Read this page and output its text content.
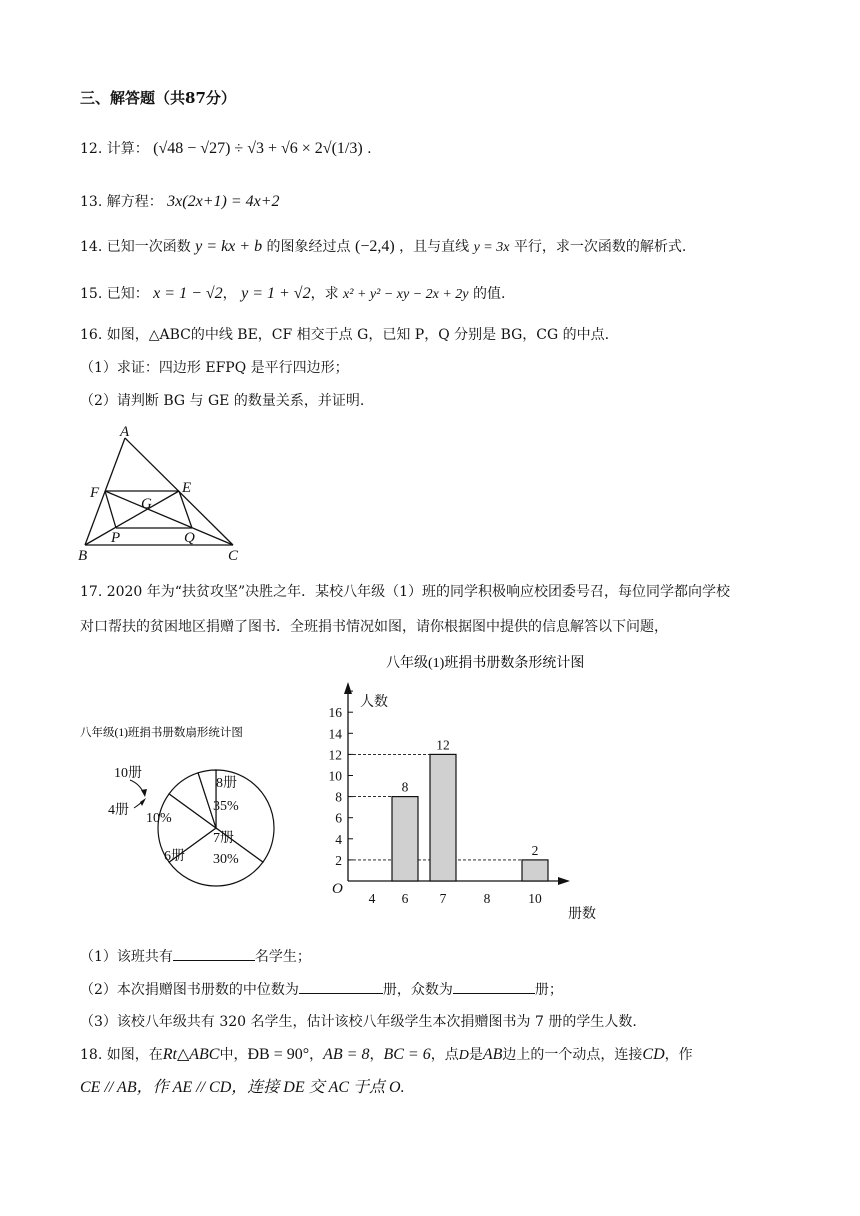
三、解答题（共87分）
12. 计算： (√48 − √27) ÷ √3 + √6 × 2√(1/3) .
13. 解方程： 3x(2x+1) = 4x+2
14. 已知一次函数 y = kx + b 的图象经过点 (−2,4) ，且与直线 y = 3x 平行，求一次函数的解析式.
15. 已知： x = 1 − √2， y = 1 + √2，求 x² + y² − xy − 2x + 2y 的值.
16. 如图，△ABC的中线 BE，CF 相交于点 G，已知 P，Q 分别是 BG，CG 的中点.
（1）求证：四边形 EFPQ 是平行四边形；
（2）请判断 BG 与 GE 的数量关系，并证明.
A
F	E
G
P	Q
B	C
17. 2020 年为“扶贫攻坚”决胜之年．某校八年级（1）班的同学积极响应校团委号召，每位同学都向学校
对口帮扶的贫困地区捐赠了图书．全班捐书情况如图，请你根据图中提供的信息解答以下问题，
八年级(1)班捐书册数扇形统计图
8册
35%
7册
30%
6册
10%
4册
10册
八年级(1)班捐书册数条形统计图
人数
册数
O
2
4
6
8
10
12
14
16
4 6 7	8	10
8
12
2
（1）该班共有	名学生；
（2）本次捐赠图书册数的中位数为	册，众数为	册；
（3）该校八年级共有 320 名学生，估计该校八年级学生本次捐赠图书为 7 册的学生人数.
18. 如图，在Rt△ABC中，ÐB = 90°，AB = 8，BC = 6，点D是AB边上的一个动点，连接CD，作
CE // AB，作 AE // CD，连接 DE 交 AC 于点 O.
